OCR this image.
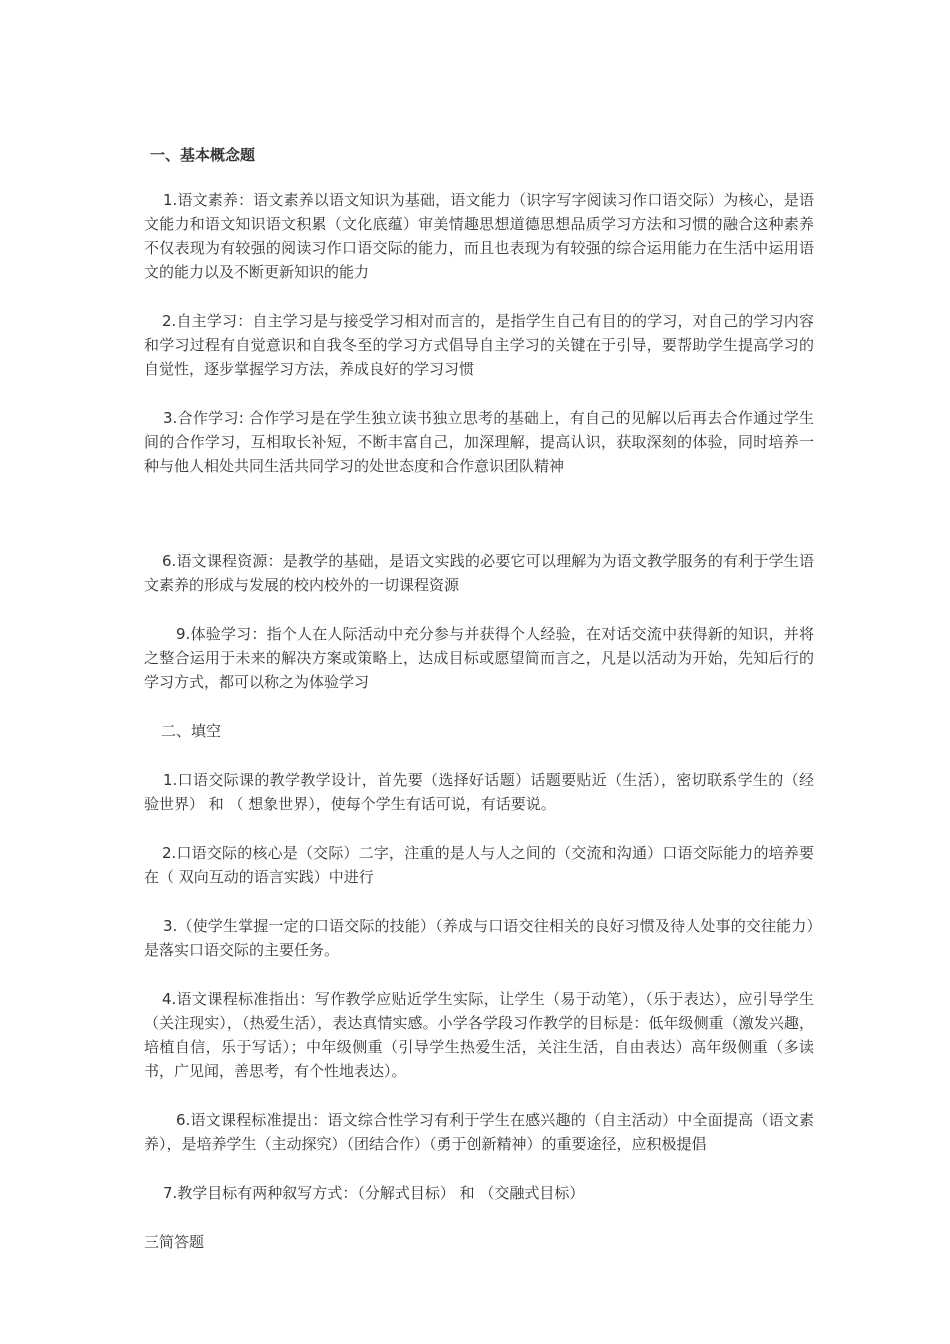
一、基本概念题

1.语文素养：语文素养以语文知识为基础，语文能力（识字写字阅读习作口语交际）为核心，是语文能力和语文知识语文积累（文化底蕴）审美情趣思想道德思想品质学习方法和习惯的融合这种素养不仅表现为有较强的阅读习作口语交际的能力，而且也表现为有较强的综合运用能力在生活中运用语文的能力以及不断更新知识的能力

2.自主学习：自主学习是与接受学习相对而言的，是指学生自己有目的的学习，对自己的学习内容和学习过程有自觉意识和自我冬至的学习方式倡导自主学习的关键在于引导，要帮助学生提高学习的自觉性，逐步掌握学习方法，养成良好的学习习惯

3.合作学习: 合作学习是在学生独立读书独立思考的基础上，有自己的见解以后再去合作通过学生间的合作学习，互相取长补短，不断丰富自己，加深理解，提高认识，获取深刻的体验，同时培养一种与他人相处共同生活共同学习的处世态度和合作意识团队精神

6.语文课程资源：是教学的基础，是语文实践的必要它可以理解为为语文教学服务的有利于学生语文素养的形成与发展的校内校外的一切课程资源

9.体验学习：指个人在人际活动中充分参与并获得个人经验，在对话交流中获得新的知识，并将之整合运用于未来的解决方案或策略上，达成目标或愿望简而言之，凡是以活动为开始，先知后行的学习方式，都可以称之为体验学习

二、填空

1.口语交际课的教学教学设计，首先要（选择好话题）话题要贴近（生活），密切联系学生的（经验世界） 和 （ 想象世界），使每个学生有话可说，有话要说。

2.口语交际的核心是（交际）二字，注重的是人与人之间的（交流和沟通）口语交际能力的培养要在（ 双向互动的语言实践）中进行

3.（使学生掌握一定的口语交际的技能）（养成与口语交往相关的良好习惯及待人处事的交往能力）是落实口语交际的主要任务。

4.语文课程标准指出：写作教学应贴近学生实际，让学生（易于动笔），（乐于表达），应引导学生（关注现实），（热爱生活），表达真情实感。小学各学段习作教学的目标是：低年级侧重（激发兴趣，培植自信，乐于写话）；中年级侧重（引导学生热爱生活，关注生活，自由表达）高年级侧重（多读书，广见闻，善思考，有个性地表达）。

6.语文课程标准提出：语文综合性学习有利于学生在感兴趣的（自主活动）中全面提高（语文素养），是培养学生（主动探究）（团结合作）（勇于创新精神）的重要途径，应积极提倡

7.教学目标有两种叙写方式：（分解式目标） 和 （交融式目标）

三简答题
